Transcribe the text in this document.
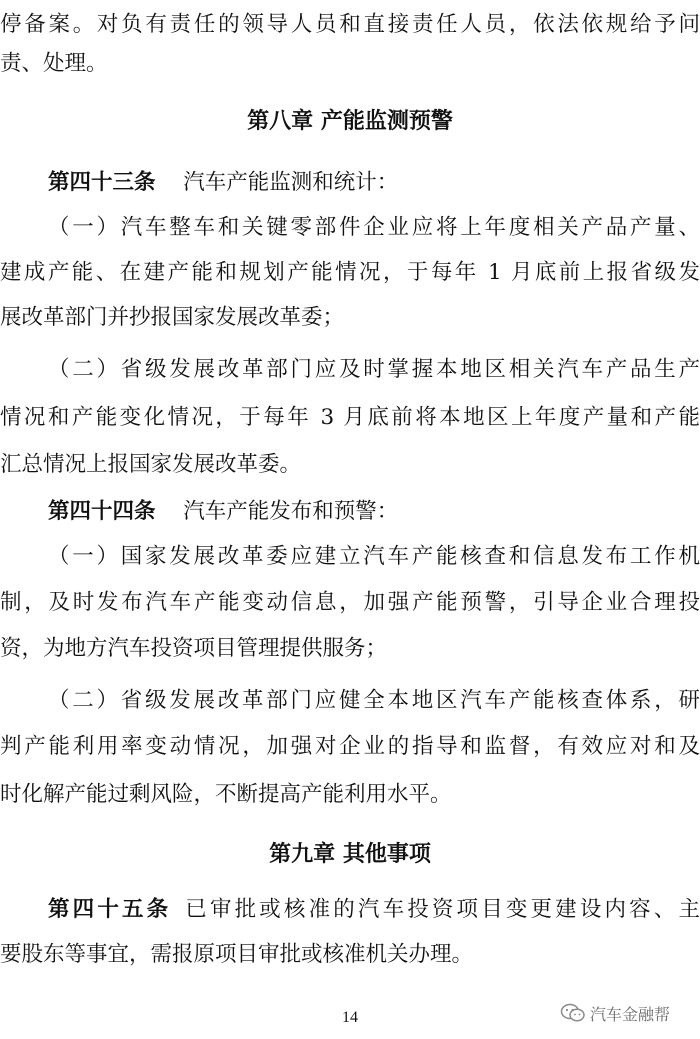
停备案。对负有责任的领导人员和直接责任人员，依法依规给予问
责、处理。
第八章 产能监测预警
第四十三条 汽车产能监测和统计：
（一）汽车整车和关键零部件企业应将上年度相关产品产量、
建成产能、在建产能和规划产能情况，于每年 1 月底前上报省级发
展改革部门并抄报国家发展改革委；
（二）省级发展改革部门应及时掌握本地区相关汽车产品生产
情况和产能变化情况，于每年 3 月底前将本地区上年度产量和产能
汇总情况上报国家发展改革委。
第四十四条 汽车产能发布和预警：
（一）国家发展改革委应建立汽车产能核查和信息发布工作机
制，及时发布汽车产能变动信息，加强产能预警，引导企业合理投
资，为地方汽车投资项目管理提供服务；
（二）省级发展改革部门应健全本地区汽车产能核查体系，研
判产能利用率变动情况，加强对企业的指导和监督，有效应对和及
时化解产能过剩风险，不断提高产能利用水平。
第九章 其他事项
第四十五条 已审批或核准的汽车投资项目变更建设内容、主
要股东等事宜，需报原项目审批或核准机关办理。
汽车金融帮
14
